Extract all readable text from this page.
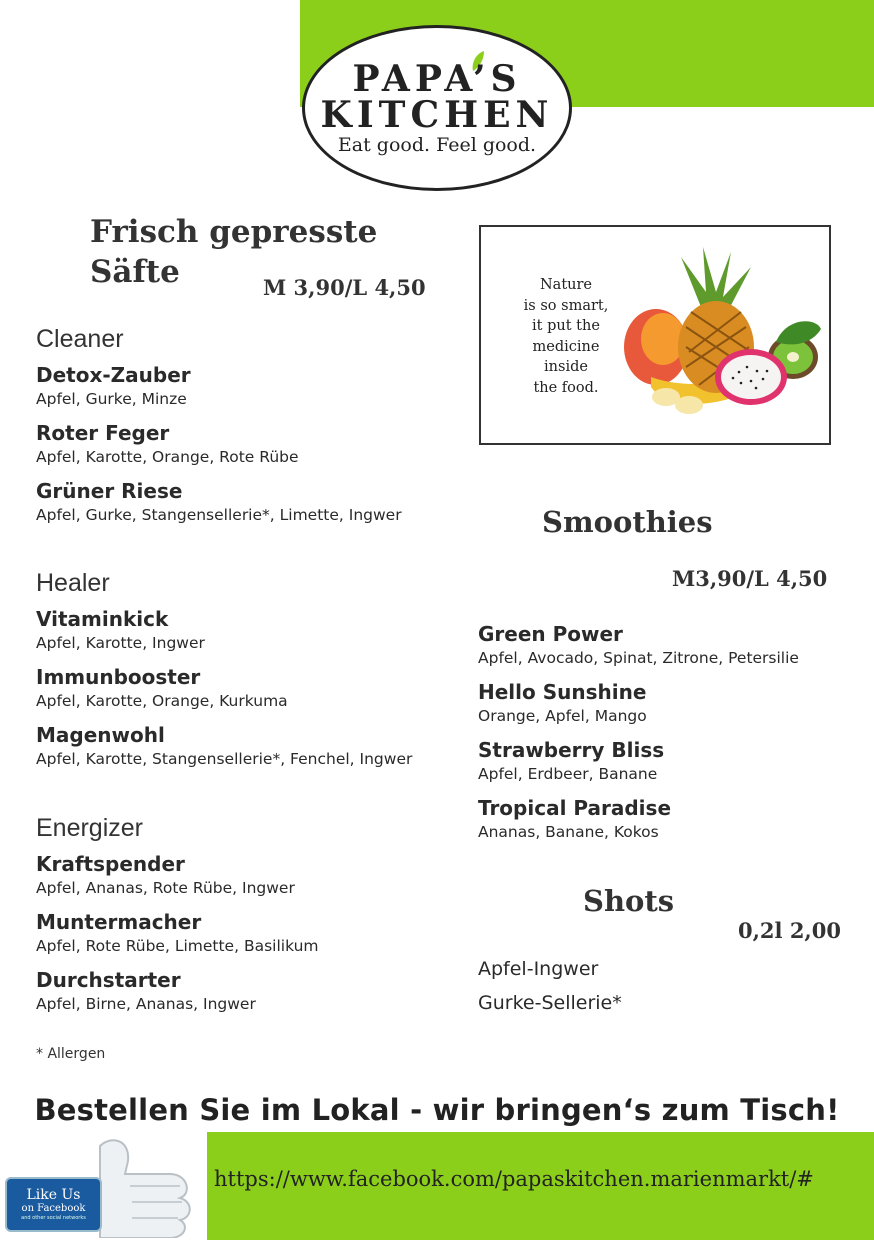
PAPA’S
KITCHEN
Eat good. Feel good.
Frisch gepresste
Säfte	M 3,90/L 4,50
Cleaner
Detox-Zauber
Apfel, Gurke, Minze
Roter Feger
Apfel, Karotte, Orange, Rote Rübe
Grüner Riese
Apfel, Gurke, Stangensellerie*, Limette, Ingwer
Healer
Vitaminkick
Apfel, Karotte, Ingwer
Immunbooster
Apfel, Karotte, Orange, Kurkuma
Magenwohl
Apfel, Karotte, Stangensellerie*, Fenchel, Ingwer
Energizer
Kraftspender
Apfel, Ananas, Rote Rübe, Ingwer
Muntermacher
Apfel, Rote Rübe, Limette, Basilikum
Durchstarter
Apfel, Birne, Ananas, Ingwer
Nature
is so smart,
it put the
medicine
inside
the food.
Smoothies
M3,90/L 4,50
Green Power
Apfel, Avocado, Spinat, Zitrone, Petersilie
Hello Sunshine
Orange, Apfel, Mango
Strawberry Bliss
Apfel, Erdbeer, Banane
Tropical Paradise
Ananas, Banane, Kokos
Shots
0,2l 2,00
Apfel-Ingwer
Gurke-Sellerie*
* Allergen
Bestellen Sie im Lokal - wir bringen‘s zum Tisch!
Like Us
on Facebook
and other social networks
https://www.facebook.com/papaskitchen.marienmarkt/#
